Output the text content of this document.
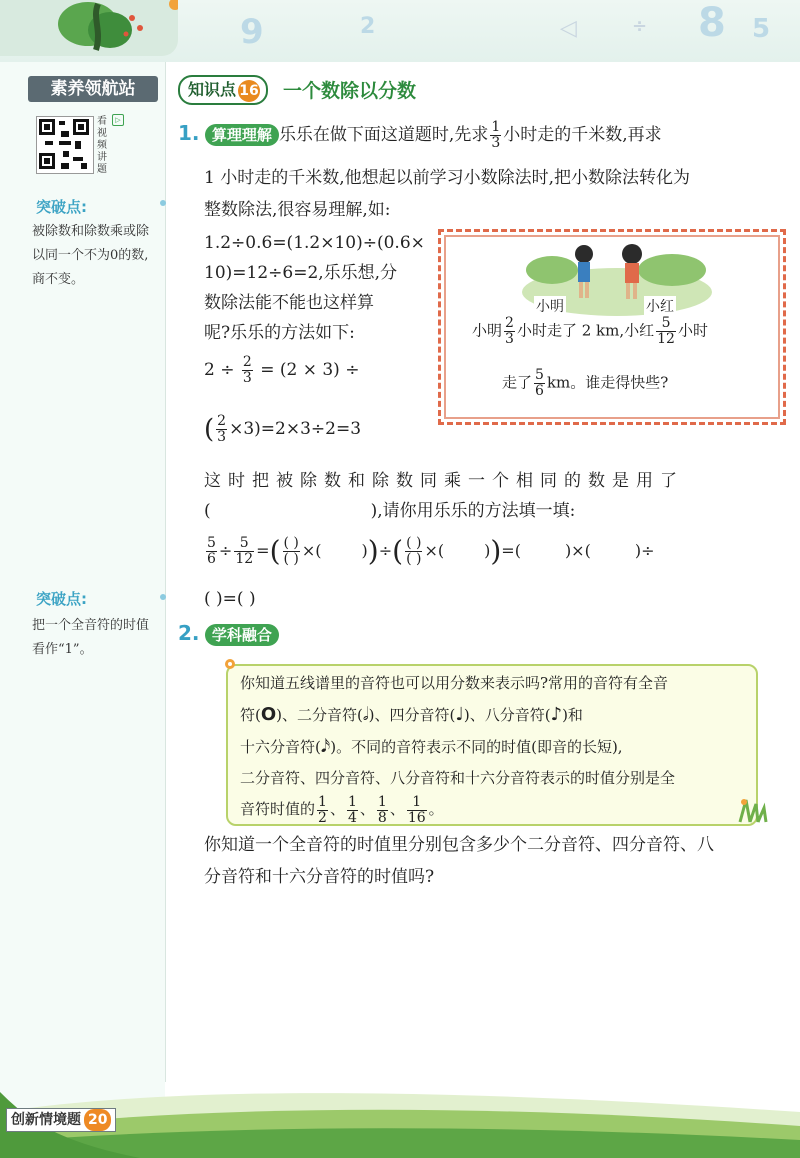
9	2	◁	÷ 8 5
素养领航站	知识点 16	一个数除以分数
看
视
频
讲
题
▷
突破点:
被除数和除数乘或除以同一个不为0的数,商不变。
突破点:
把一个全音符的时值看作“1”。
1. 算理理解 乐乐在做下面这道题时,先求 $\frac{1}{3}$ 小时走的千米数,再求
1 小时走的千米数,他想起以前学习小数除法时,把小数除法转化为
整数除法,很容易理解,如:
1.2÷0.6=(1.2×10)÷(0.6×
10)=12÷6=2,乐乐想,分
数除法能不能也这样算
呢?乐乐的方法如下:
$2 \div \frac{2}{3} = (2 \times 3)$ ÷
( $\frac{2}{3} \times 3)=2\times 3\div 2=3$
小明	小红
小明 $\frac{2}{3}$ 小时走了 2 km,小红 $\frac{5}{12}$ 小时
走了 $\frac{5}{6}$ km。谁走得快些?
这时把被除数和除数同乘一个相同的数是用了
(	),请你用乐乐的方法填一填:
$\frac{5}{6} \div \frac{5}{12}$ =( $\frac{( )}{( )}$ ×(	))÷( $\frac{( )}{( )}$ ×(	))=(	)×(	)÷
( )=( )
2. 学科融合
你知道五线谱里的音符也可以用分数来表示吗?常用的音符有全音
符(O)、二分音符(𝅗𝅥)、四分音符(♩)、八分音符(♪)和
十六分音符(𝅘𝅥𝅯)。不同的音符表示不同的时值(即音的长短),
二分音符、四分音符、八分音符和十六分音符表示的时值分别是全
音符时值的 $\frac{1}{2}$ 、 $\frac{1}{4}$ 、 $\frac{1}{8}$ 、 $\frac{1}{16}$ 。
你知道一个全音符的时值里分别包含多少个二分音符、四分音符、八
分音符和十六分音符的时值吗?
创新情境题 20
